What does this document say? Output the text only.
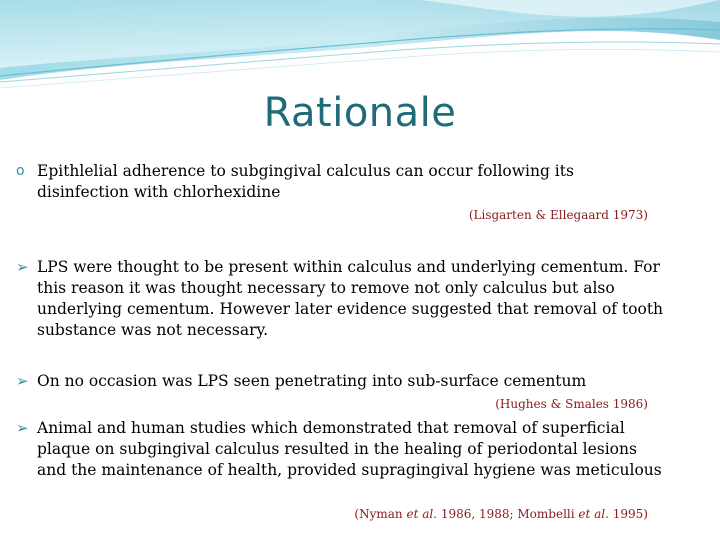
Rationale
o Epithlelial adherence to subgingival calculus can occur following its disinfection with chlorhexidine
(Lisgarten & Ellegaard 1973)
➢ LPS were thought to be present within calculus and underlying cementum. For this reason it was thought necessary to remove not only calculus but also underlying cementum. However later evidence suggested that removal of tooth substance was not necessary.
➢ On no occasion was LPS seen penetrating into sub-surface cementum
(Hughes & Smales 1986)
➢ Animal and human studies which demonstrated that removal of superficial plaque on subgingival calculus resulted in the healing of periodontal lesions and the maintenance of health, provided supragingival hygiene was meticulous
(Nyman et al. 1986, 1988; Mombelli et al. 1995)
